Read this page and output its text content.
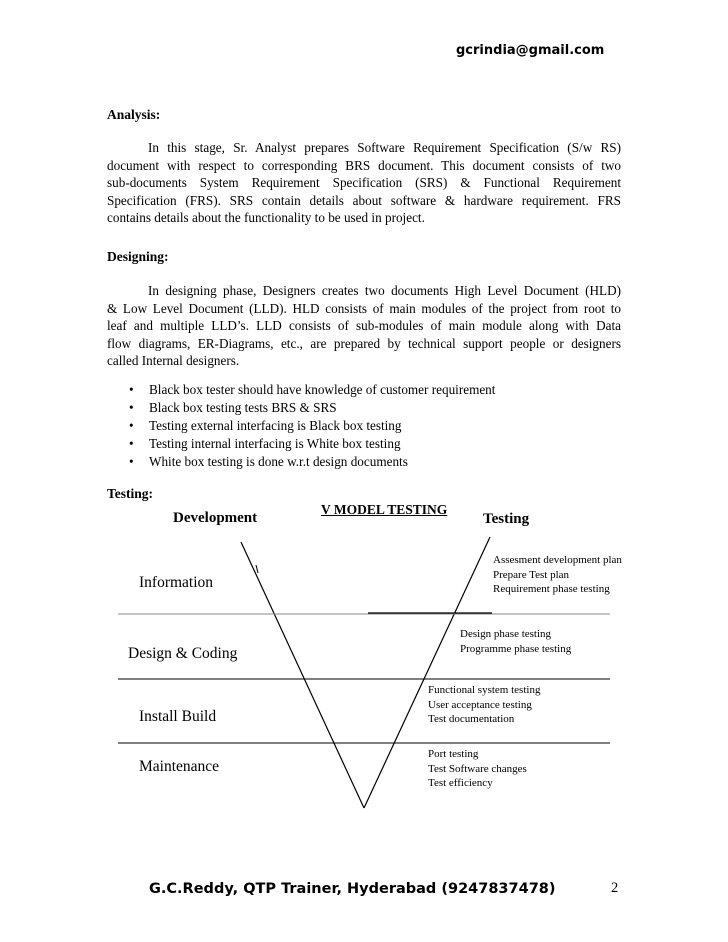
gcrindia@gmail.com
Analysis:
In this stage, Sr. Analyst prepares Software Requirement Specification (S/w RS)
document with respect to corresponding BRS document. This document consists of two
sub-documents System Requirement Specification (SRS) & Functional Requirement
Specification (FRS). SRS contain details about software & hardware requirement. FRS
contains details about the functionality to be used in project.
Designing:
In designing phase, Designers creates two documents High Level Document (HLD)
& Low Level Document (LLD). HLD consists of main modules of the project from root to
leaf and multiple LLD’s. LLD consists of sub-modules of main module along with Data
flow diagrams, ER-Diagrams, etc., are prepared by technical support people or designers
called Internal designers.
• Black box tester should have knowledge of customer requirement
• Black box testing tests BRS & SRS
• Testing external interfacing is Black box testing
• Testing internal interfacing is White box testing
• White box testing is done w.r.t design documents
Testing:
V MODEL TESTING
Development	Testing
Information
Design & Coding
Install Build
Maintenance
Assesment development plan
Prepare Test plan
Requirement phase testing
Design phase testing
Programme phase testing
Functional system testing
User acceptance testing
Test documentation
Port testing
Test Software changes
Test efficiency
G.C.Reddy, QTP Trainer, Hyderabad (9247837478)	2
